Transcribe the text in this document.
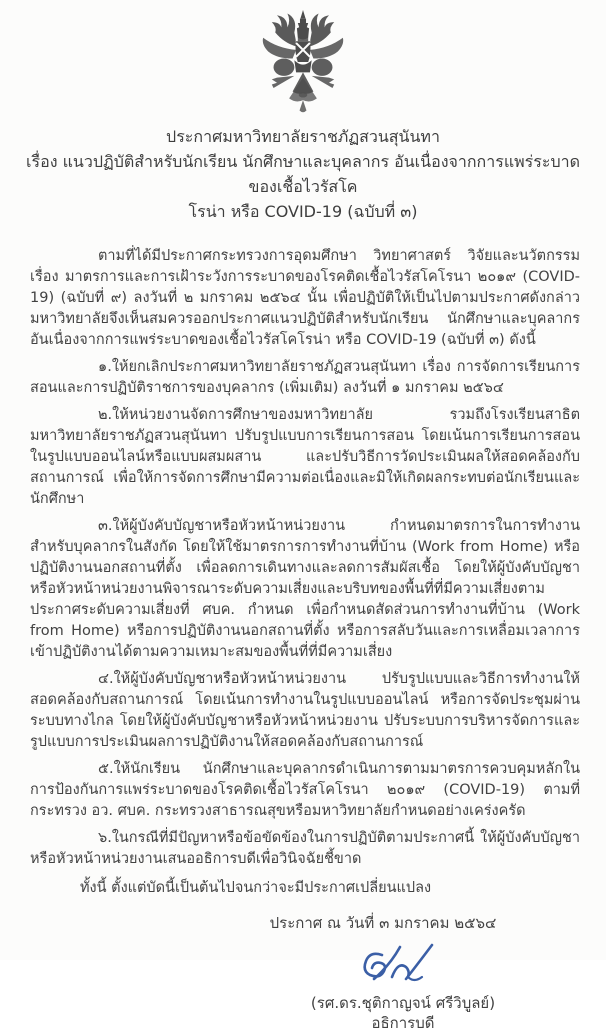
ประกาศมหาวิทยาลัยราชภัฏสวนสุนันทา
เรื่อง แนวปฏิบัติสำหรับนักเรียน นักศึกษาและบุคลากร อันเนื่องจากการแพร่ระบาดของเชื้อไวรัสโค
โรน่า หรือ COVID-19 (ฉบับที่ ๓)

ตามที่ได้มีประกาศกระทรวงการอุดมศึกษา วิทยาศาสตร์ วิจัยและนวัตกรรม เรื่อง มาตรการและการเฝ้าระวังการระบาดของโรคติดเชื้อไวรัสโคโรนา ๒๐๑๙ (COVID-19) (ฉบับที่ ๙) ลงวันที่ ๒ มกราคม ๒๕๖๔ นั้น เพื่อปฏิบัติให้เป็นไปตามประกาศดังกล่าว มหาวิทยาลัยจึงเห็นสมควรออกประกาศแนวปฏิบัติสำหรับนักเรียน นักศึกษาและบุคลากร อันเนื่องจากการแพร่ระบาดของเชื้อไวรัสโคโรน่า หรือ COVID-19 (ฉบับที่ ๓) ดังนี้

๑.ให้ยกเลิกประกาศมหาวิทยาลัยราชภัฏสวนสุนันทา เรื่อง การจัดการเรียนการสอนและการปฏิบัติราชการของบุคลากร (เพิ่มเติม) ลงวันที่ ๑ มกราคม ๒๕๖๔

๒.ให้หน่วยงานจัดการศึกษาของมหาวิทยาลัย รวมถึงโรงเรียนสาธิตมหาวิทยาลัยราชภัฏสวนสุนันทา ปรับรูปแบบการเรียนการสอน โดยเน้นการเรียนการสอนในรูปแบบออนไลน์หรือแบบผสมผสาน และปรับวิธีการวัดประเมินผลให้สอดคล้องกับสถานการณ์ เพื่อให้การจัดการศึกษามีความต่อเนื่องและมิให้เกิดผลกระทบต่อนักเรียนและนักศึกษา

๓.ให้ผู้บังคับบัญชาหรือหัวหน้าหน่วยงาน กำหนดมาตรการในการทำงานสำหรับบุคลากรในสังกัด โดยให้ใช้มาตรการการทำงานที่บ้าน (Work from Home) หรือปฏิบัติงานนอกสถานที่ตั้ง เพื่อลดการเดินทางและลดการสัมผัสเชื้อ โดยให้ผู้บังคับบัญชาหรือหัวหน้าหน่วยงานพิจารณาระดับความเสี่ยงและบริบทของพื้นที่ที่มีความเสี่ยงตามประกาศระดับความเสี่ยงที่ ศบค. กำหนด เพื่อกำหนดสัดส่วนการทำงานที่บ้าน (Work from Home) หรือการปฏิบัติงานนอกสถานที่ตั้ง หรือการสลับวันและการเหลื่อมเวลาการเข้าปฏิบัติงานได้ตามความเหมาะสมของพื้นที่ที่มีความเสี่ยง

๔.ให้ผู้บังคับบัญชาหรือหัวหน้าหน่วยงาน ปรับรูปแบบและวิธีการทำงานให้สอดคล้องกับสถานการณ์ โดยเน้นการทำงานในรูปแบบออนไลน์ หรือการจัดประชุมผ่านระบบทางไกล โดยให้ผู้บังคับบัญชาหรือหัวหน้าหน่วยงาน ปรับระบบการบริหารจัดการและรูปแบบการประเมินผลการปฏิบัติงานให้สอดคล้องกับสถานการณ์

๕.ให้นักเรียน นักศึกษาและบุคลากรดำเนินการตามมาตรการควบคุมหลักในการป้องกันการแพร่ระบาดของโรคติดเชื้อไวรัสโคโรนา ๒๐๑๙ (COVID-19) ตามที่กระทรวง อว. ศบค. กระทรวงสาธารณสุขหรือมหาวิทยาลัยกำหนดอย่างเคร่งครัด

๖.ในกรณีที่มีปัญหาหรือข้อขัดข้องในการปฏิบัติตามประกาศนี้ ให้ผู้บังคับบัญชาหรือหัวหน้าหน่วยงานเสนออธิการบดีเพื่อวินิจฉัยชี้ขาด

ทั้งนี้ ตั้งแต่บัดนี้เป็นต้นไปจนกว่าจะมีประกาศเปลี่ยนแปลง

ประกาศ ณ วันที่ ๓ มกราคม ๒๕๖๔
(รศ.ดร.ชุติกาญจน์ ศรีวิบูลย์)
อธิการบดี
